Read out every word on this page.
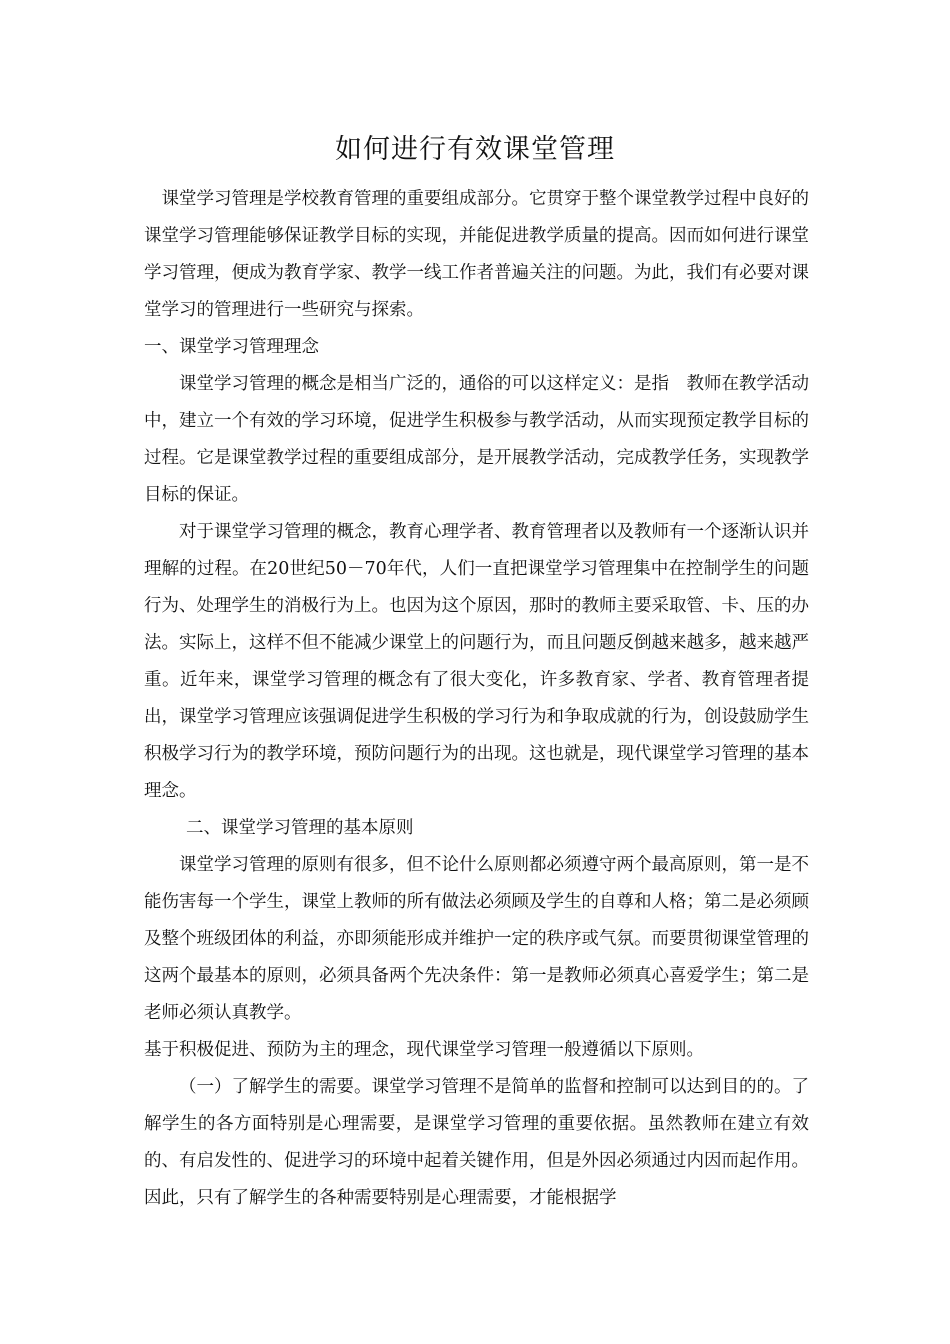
如何进行有效课堂管理

课堂学习管理是学校教育管理的重要组成部分。它贯穿于整个课堂教学过程中良好的课堂学习管理能够保证教学目标的实现，并能促进教学质量的提高。因而如何进行课堂学习管理，便成为教育学家、教学一线工作者普遍关注的问题。为此，我们有必要对课堂学习的管理进行一些研究与探索。

一、课堂学习管理理念

课堂学习管理的概念是相当广泛的，通俗的可以这样定义：是指　教师在教学活动中，建立一个有效的学习环境，促进学生积极参与教学活动，从而实现预定教学目标的过程。它是课堂教学过程的重要组成部分，是开展教学活动，完成教学任务，实现教学目标的保证。

对于课堂学习管理的概念，教育心理学者、教育管理者以及教师有一个逐渐认识并理解的过程。在20世纪50－70年代，人们一直把课堂学习管理集中在控制学生的问题行为、处理学生的消极行为上。也因为这个原因，那时的教师主要采取管、卡、压的办法。实际上，这样不但不能减少课堂上的问题行为，而且问题反倒越来越多，越来越严重。近年来，课堂学习管理的概念有了很大变化，许多教育家、学者、教育管理者提出，课堂学习管理应该强调促进学生积极的学习行为和争取成就的行为，创设鼓励学生积极学习行为的教学环境，预防问题行为的出现。这也就是，现代课堂学习管理的基本理念。

二、课堂学习管理的基本原则

课堂学习管理的原则有很多，但不论什么原则都必须遵守两个最高原则，第一是不能伤害每一个学生，课堂上教师的所有做法必须顾及学生的自尊和人格；第二是必须顾及整个班级团体的利益，亦即须能形成并维护一定的秩序或气氛。而要贯彻课堂管理的这两个最基本的原则，必须具备两个先决条件：第一是教师必须真心喜爱学生；第二是老师必须认真教学。

基于积极促进、预防为主的理念，现代课堂学习管理一般遵循以下原则。

（一）了解学生的需要。课堂学习管理不是简单的监督和控制可以达到目的的。了解学生的各方面特别是心理需要，是课堂学习管理的重要依据。虽然教师在建立有效的、有启发性的、促进学习的环境中起着关键作用，但是外因必须通过内因而起作用。因此，只有了解学生的各种需要特别是心理需要，才能根据学
